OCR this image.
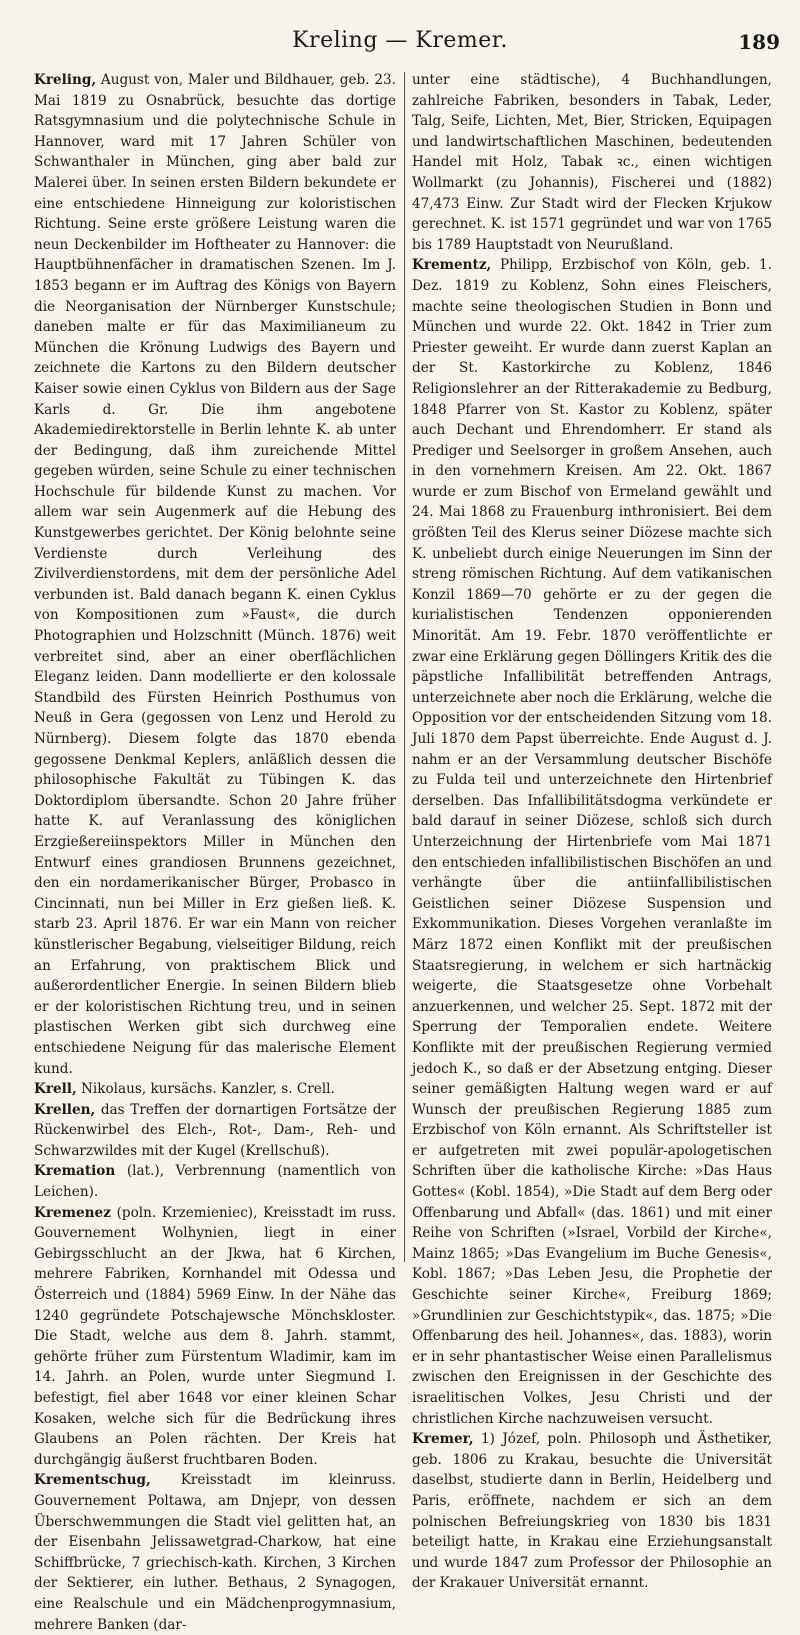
Kreling — Kremer.	189

Kreling, August von, Maler und Bildhauer, geb. 23. Mai 1819 zu Osnabrück, besuchte das dortige Ratsgymnasium und die polytechnische Schule in Hannover, ward mit 17 Jahren Schüler von Schwanthaler in München, ging aber bald zur Malerei über. In seinen ersten Bildern bekundete er eine entschiedene Hinneigung zur koloristischen Richtung. Seine erste größere Leistung waren die neun Deckenbilder im Hoftheater zu Hannover: die Hauptbühnenfächer in dramatischen Szenen. Im J. 1853 begann er im Auftrag des Königs von Bayern die Neorganisation der Nürnberger Kunstschule; daneben malte er für das Maximilianeum zu München die Krönung Ludwigs des Bayern und zeichnete die Kartons zu den Bildern deutscher Kaiser sowie einen Cyklus von Bildern aus der Sage Karls d. Gr. Die ihm angebotene Akademiedirektorstelle in Berlin lehnte K. ab unter der Bedingung, daß ihm zureichende Mittel gegeben würden, seine Schule zu einer technischen Hochschule für bildende Kunst zu machen. Vor allem war sein Augenmerk auf die Hebung des Kunstgewerbes gerichtet. Der König belohnte seine Verdienste durch Verleihung des Zivilverdienstordens, mit dem der persönliche Adel verbunden ist. Bald danach begann K. einen Cyklus von Kompositionen zum »Faust«, die durch Photographien und Holzschnitt (Münch. 1876) weit verbreitet sind, aber an einer oberflächlichen Eleganz leiden. Dann modellierte er den kolossale Standbild des Fürsten Heinrich Posthumus von Neuß in Gera (gegossen von Lenz und Herold zu Nürnberg). Diesem folgte das 1870 ebenda gegossene Denkmal Keplers, anläßlich dessen die philosophische Fakultät zu Tübingen K. das Doktordiplom übersandte. Schon 20 Jahre früher hatte K. auf Veranlassung des königlichen Erzgießereiinspektors Miller in München den Entwurf eines grandiosen Brunnens gezeichnet, den ein nordamerikanischer Bürger, Probasco in Cincinnati, nun bei Miller in Erz gießen ließ. K. starb 23. April 1876. Er war ein Mann von reicher künstlerischer Begabung, vielseitiger Bildung, reich an Erfahrung, von praktischem Blick und außerordentlicher Energie. In seinen Bildern blieb er der koloristischen Richtung treu, und in seinen plastischen Werken gibt sich durchweg eine entschiedene Neigung für das malerische Element kund.

Krell, Nikolaus, kursächs. Kanzler, s. Crell.

Krellen, das Treffen der dornartigen Fortsätze der Rückenwirbel des Elch-, Rot-, Dam-, Reh- und Schwarzwildes mit der Kugel (Krellschuß).

Kremation (lat.), Verbrennung (namentlich von Leichen).

Kremenez (poln. Krzemieniec), Kreisstadt im russ. Gouvernement Wolhynien, liegt in einer Gebirgsschlucht an der Jkwa, hat 6 Kirchen, mehrere Fabriken, Kornhandel mit Odessa und Österreich und (1884) 5969 Einw. In der Nähe das 1240 gegründete Potschajewsche Mönchskloster. Die Stadt, welche aus dem 8. Jahrh. stammt, gehörte früher zum Fürstentum Wladimir, kam im 14. Jahrh. an Polen, wurde unter Siegmund I. befestigt, fiel aber 1648 vor einer kleinen Schar Kosaken, welche sich für die Bedrückung ihres Glaubens an Polen rächten. Der Kreis hat durchgängig äußerst fruchtbaren Boden.

Krementschug, Kreisstadt im kleinruss. Gouvernement Poltawa, am Dnjepr, von dessen Überschwemmungen die Stadt viel gelitten hat, an der Eisenbahn Jelissawetgrad-Charkow, hat eine Schiffbrücke, 7 griechisch-kath. Kirchen, 3 Kirchen der Sektierer, ein luther. Bethaus, 2 Synagogen, eine Realschule und ein Mädchenprogymnasium, mehrere Banken (dar-

unter eine städtische), 4 Buchhandlungen, zahlreiche Fabriken, besonders in Tabak, Leder, Talg, Seife, Lichten, Met, Bier, Stricken, Equipagen und landwirtschaftlichen Maschinen, bedeutenden Handel mit Holz, Tabak ꝛc., einen wichtigen Wollmarkt (zu Johannis), Fischerei und (1882) 47,473 Einw. Zur Stadt wird der Flecken Krjukow gerechnet. K. ist 1571 gegründet und war von 1765 bis 1789 Hauptstadt von Neurußland.

Krementz, Philipp, Erzbischof von Köln, geb. 1. Dez. 1819 zu Koblenz, Sohn eines Fleischers, machte seine theologischen Studien in Bonn und München und wurde 22. Okt. 1842 in Trier zum Priester geweiht. Er wurde dann zuerst Kaplan an der St. Kastorkirche zu Koblenz, 1846 Religionslehrer an der Ritterakademie zu Bedburg, 1848 Pfarrer von St. Kastor zu Koblenz, später auch Dechant und Ehrendomherr. Er stand als Prediger und Seelsorger in großem Ansehen, auch in den vornehmern Kreisen. Am 22. Okt. 1867 wurde er zum Bischof von Ermeland gewählt und 24. Mai 1868 zu Frauenburg inthronisiert. Bei dem größten Teil des Klerus seiner Diözese machte sich K. unbeliebt durch einige Neuerungen im Sinn der streng römischen Richtung. Auf dem vatikanischen Konzil 1869—70 gehörte er zu der gegen die kurialistischen Tendenzen opponierenden Minorität. Am 19. Febr. 1870 veröffentlichte er zwar eine Erklärung gegen Döllingers Kritik des die päpstliche Infallibilität betreffenden Antrags, unterzeichnete aber noch die Erklärung, welche die Opposition vor der entscheidenden Sitzung vom 18. Juli 1870 dem Papst überreichte. Ende August d. J. nahm er an der Versammlung deutscher Bischöfe zu Fulda teil und unterzeichnete den Hirtenbrief derselben. Das Infallibilitätsdogma verkündete er bald darauf in seiner Diözese, schloß sich durch Unterzeichnung der Hirtenbriefe vom Mai 1871 den entschieden infallibilistischen Bischöfen an und verhängte über die antiinfallibilistischen Geistlichen seiner Diözese Suspension und Exkommunikation. Dieses Vorgehen veranlaßte im März 1872 einen Konflikt mit der preußischen Staatsregierung, in welchem er sich hartnäckig weigerte, die Staatsgesetze ohne Vorbehalt anzuerkennen, und welcher 25. Sept. 1872 mit der Sperrung der Temporalien endete. Weitere Konflikte mit der preußischen Regierung vermied jedoch K., so daß er der Absetzung entging. Dieser seiner gemäßigten Haltung wegen ward er auf Wunsch der preußischen Regierung 1885 zum Erzbischof von Köln ernannt. Als Schriftsteller ist er aufgetreten mit zwei populär-apologetischen Schriften über die katholische Kirche: »Das Haus Gottes« (Kobl. 1854), »Die Stadt auf dem Berg oder Offenbarung und Abfall« (das. 1861) und mit einer Reihe von Schriften (»Israel, Vorbild der Kirche«, Mainz 1865; »Das Evangelium im Buche Genesis«, Kobl. 1867; »Das Leben Jesu, die Prophetie der Geschichte seiner Kirche«, Freiburg 1869; »Grundlinien zur Geschichtstypik«, das. 1875; »Die Offenbarung des heil. Johannes«, das. 1883), worin er in sehr phantastischer Weise einen Parallelismus zwischen den Ereignissen in der Geschichte des israelitischen Volkes, Jesu Christi und der christlichen Kirche nachzuweisen versucht.

Kremer, 1) Józef, poln. Philosoph und Ästhetiker, geb. 1806 zu Krakau, besuchte die Universität daselbst, studierte dann in Berlin, Heidelberg und Paris, eröffnete, nachdem er sich an dem polnischen Befreiungskrieg von 1830 bis 1831 beteiligt hatte, in Krakau eine Erziehungsanstalt und wurde 1847 zum Professor der Philosophie an der Krakauer Universität ernannt.
